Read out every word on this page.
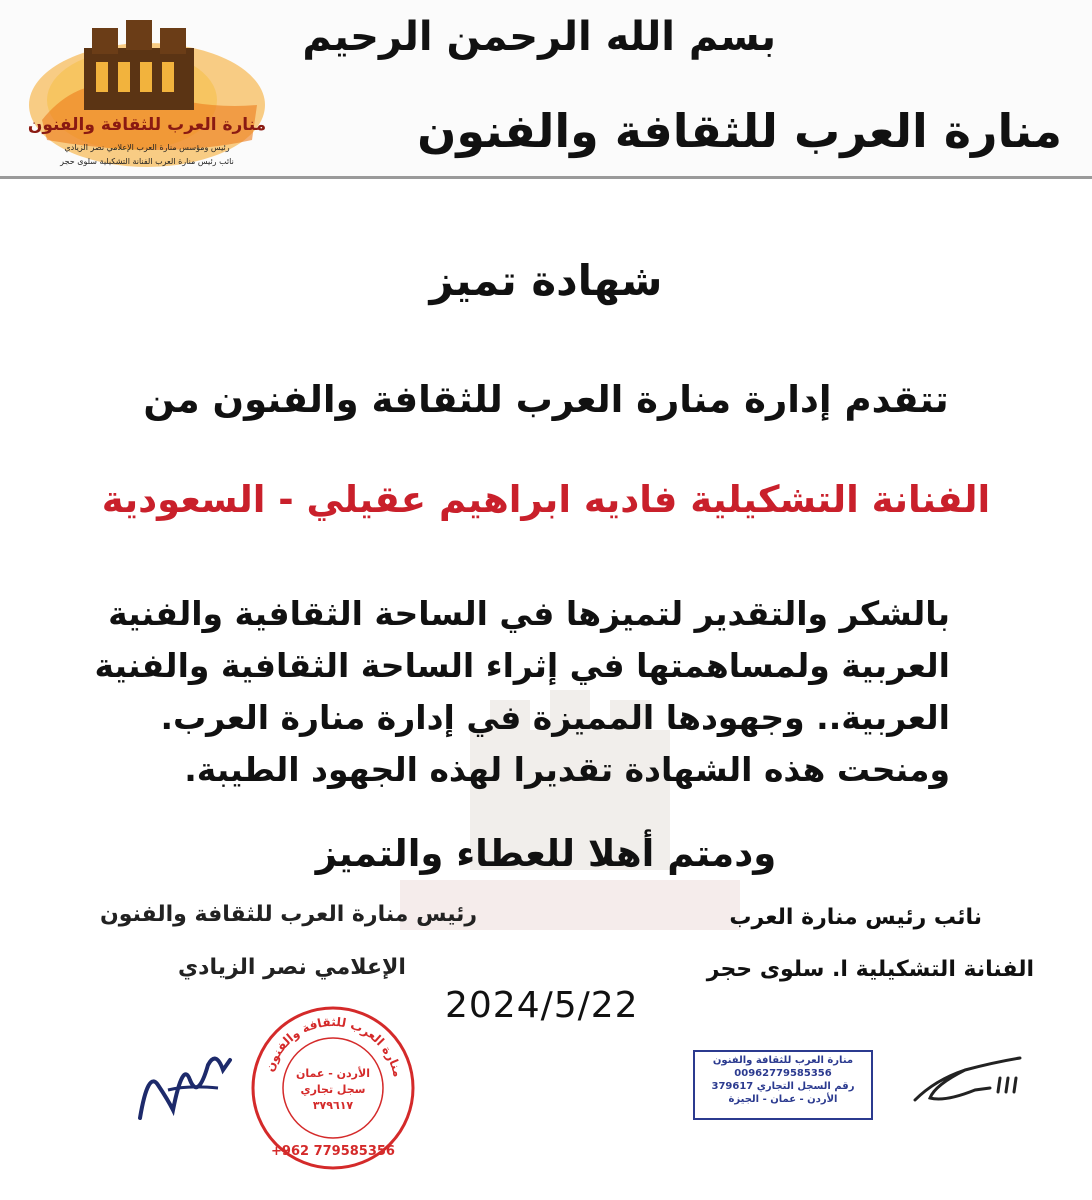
منارة العرب للثقافة والفنون
رئيس ومؤسس منارة العرب الإعلامي نصر الزيادي
نائب رئيس منارة العرب الفنانة التشكيلية سلوى حجر
بسم الله الرحمن الرحيم
منارة العرب للثقافة والفنون
شهادة تميز
تتقدم إدارة منارة العرب للثقافة والفنون من
الفنانة التشكيلية فاديه ابراهيم عقيلي - السعودية
بالشكر والتقدير لتميزها في الساحة الثقافية والفنية
العربية ولمساهمتها في إثراء الساحة الثقافية والفنية
العربية.. وجهودها المميزة في إدارة منارة العرب.
ومنحت هذه الشهادة تقديرا لهذه الجهود الطيبة.
ودمتم أهلا للعطاء والتميز
رئيس منارة العرب للثقافة والفنون
الإعلامي نصر الزيادي
نائب رئيس منارة العرب
الفنانة التشكيلية ا. سلوى حجر
2024/5/22
منارة العرب للثقافة والفنون
الأردن - عمان
سجل تجاري
٣٧٩٦١٧
+962 779585356
منارة العرب للثقافة والفنون
00962779585356
رقم السجل التجاري 379617
الأردن - عمان - الجيزة
